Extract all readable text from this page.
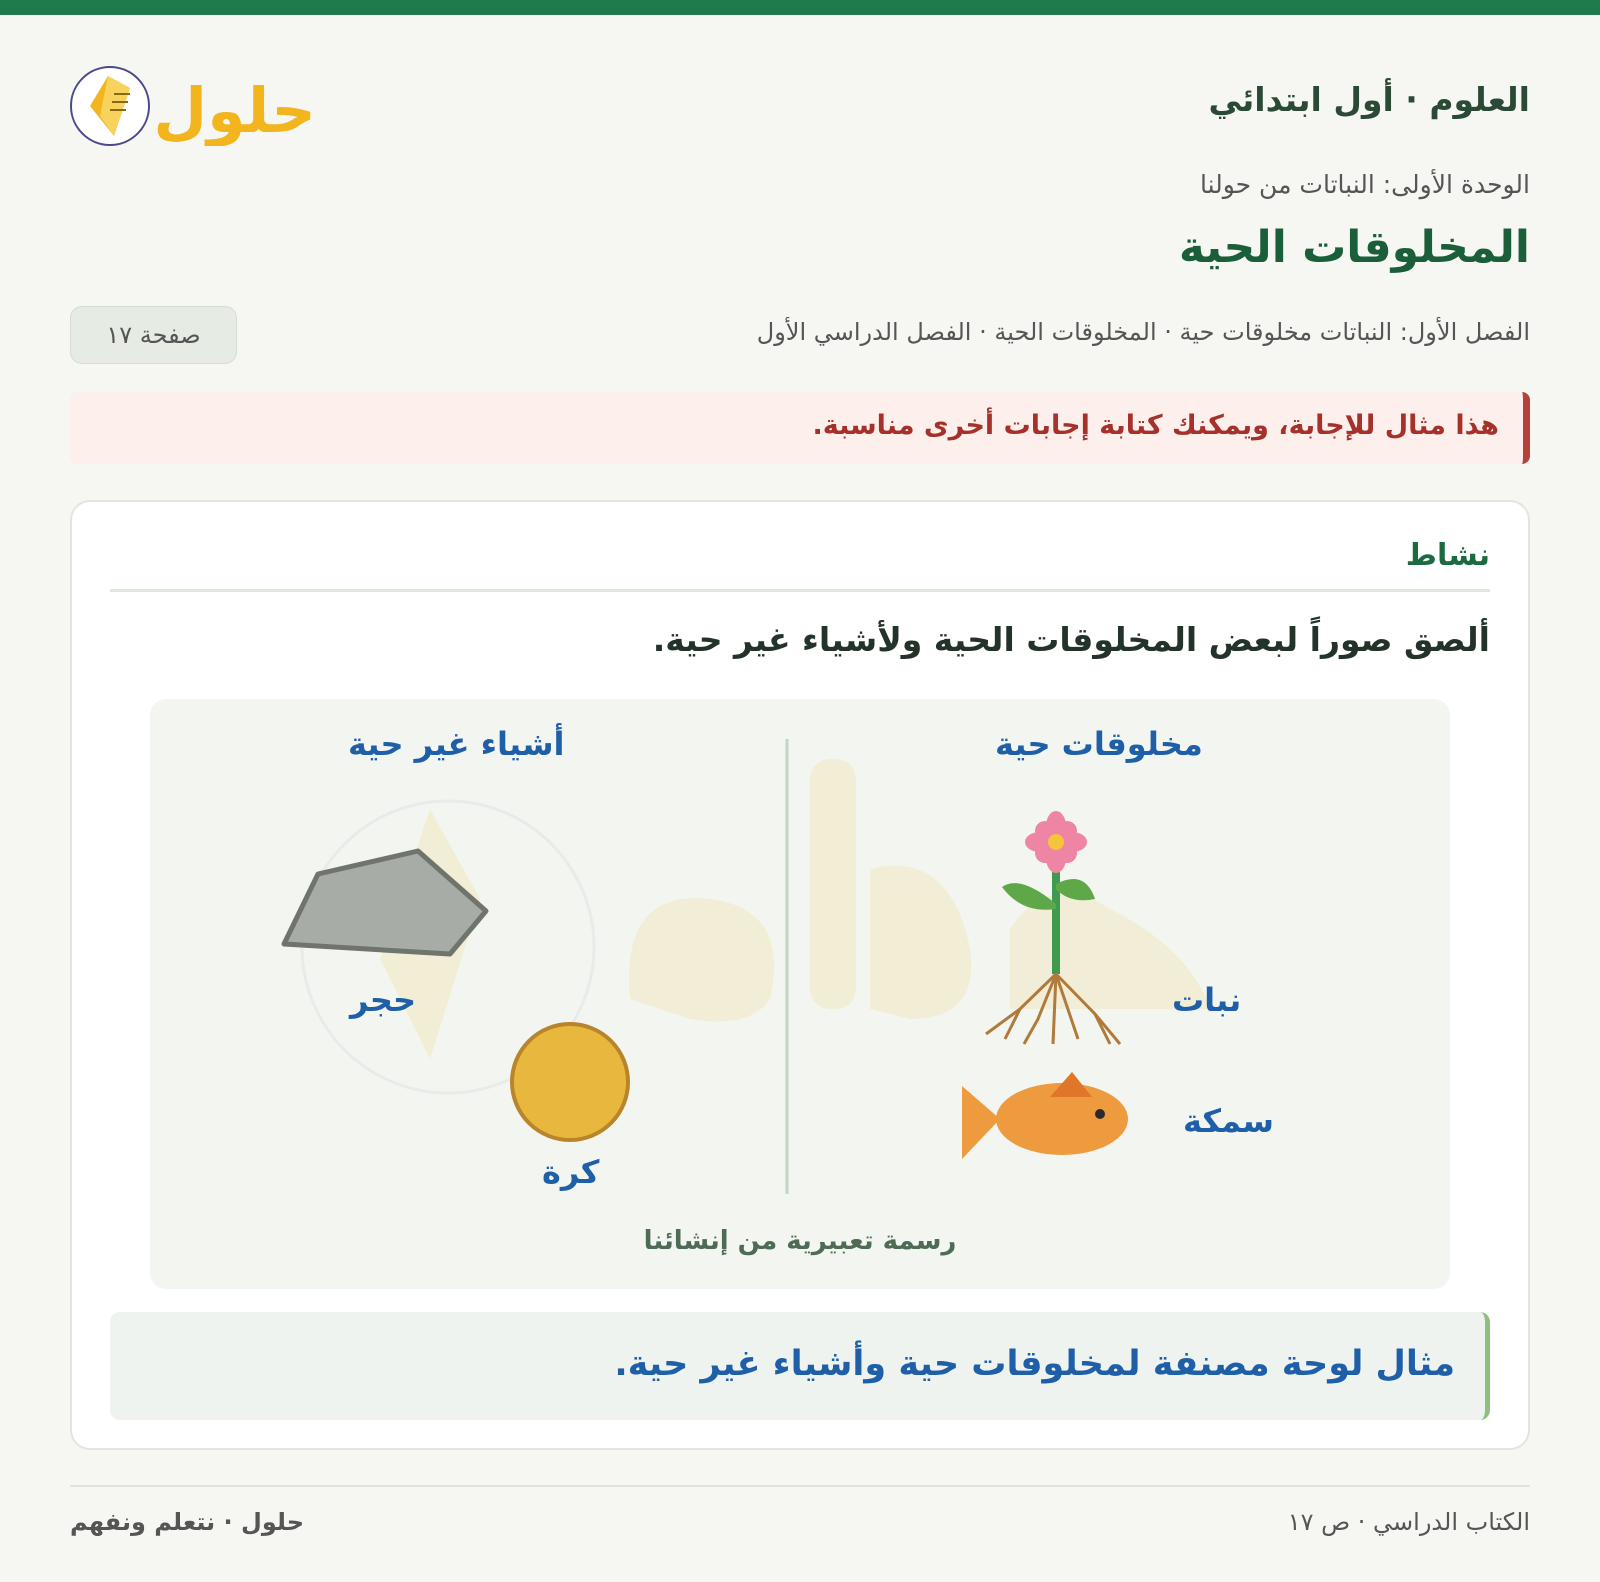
العلوم · أول ابتدائي
حلول
الوحدة الأولى: النباتات من حولنا
المخلوقات الحية
الفصل الأول: النباتات مخلوقات حية · المخلوقات الحية · الفصل الدراسي الأول
صفحة ١٧
هذا مثال للإجابة، ويمكنك كتابة إجابات أخرى مناسبة.
نشاط
ألصق صوراً لبعض المخلوقات الحية ولأشياء غير حية.
مخلوقات حية
أشياء غير حية
نبات
سمكة
حجر
كرة
رسمة تعبيرية من إنشائنا
مثال لوحة مصنفة لمخلوقات حية وأشياء غير حية.
الكتاب الدراسي · ص ١٧
حلول · نتعلم ونفهم
